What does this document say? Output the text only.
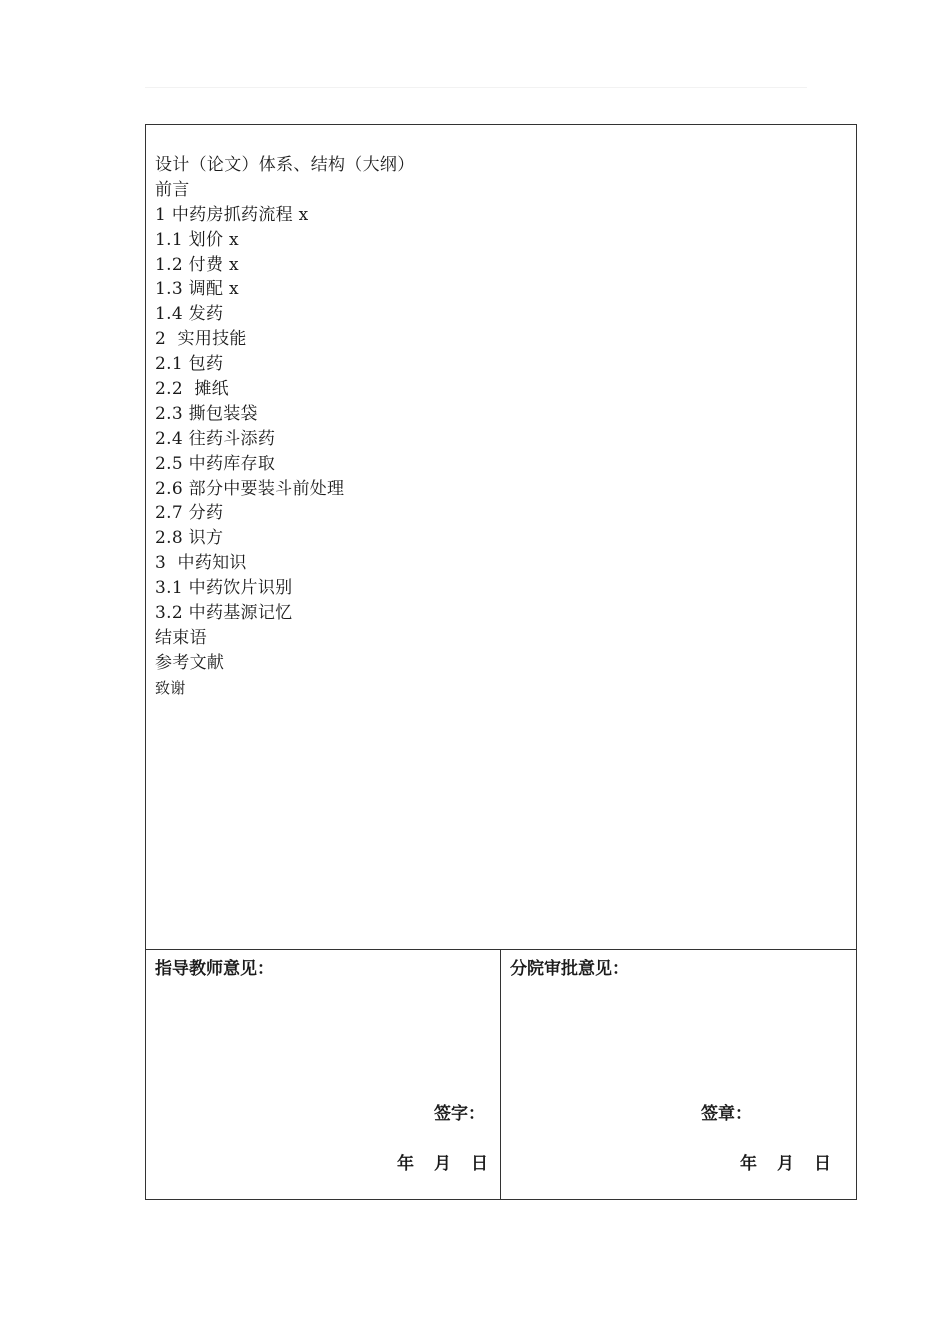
设计（论文）体系、结构（大纲）
前言
1 中药房抓药流程 x
1.1 划价 x
1.2 付费 x
1.3 调配 x
1.4 发药
2  实用技能
2.1 包药
2.2  摊纸
2.3 撕包装袋
2.4 往药斗添药
2.5 中药库存取
2.6 部分中要装斗前处理
2.7 分药
2.8 识方
3  中药知识
3.1 中药饮片识别
3.2 中药基源记忆
结束语
参考文献
致谢
指导教师意见：
签字：
年 月 日
分院审批意见：
签章：
年 月 日
